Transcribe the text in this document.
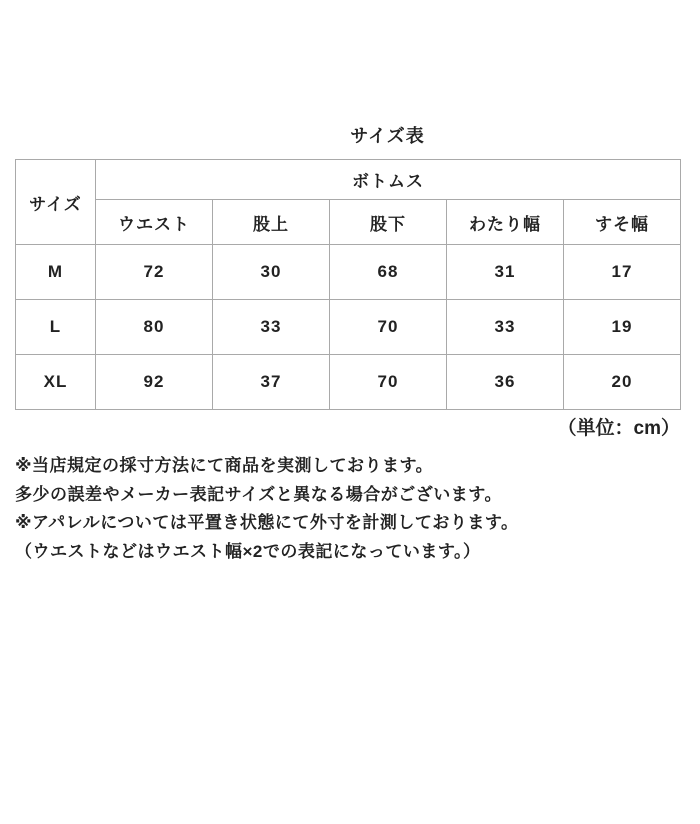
サイズ表
サイズ	ボトムス				
	ウエスト	股上	股下	わたり幅	すそ幅
M	72	30	68	31	17
L	80	33	70	33	19
XL	92	37	70	36	20
（単位：cm）
※当店規定の採寸方法にて商品を実測しております。
多少の誤差やメーカー表記サイズと異なる場合がございます。
※アパレルについては平置き状態にて外寸を計測しております。
（ウエストなどはウエスト幅×2での表記になっています。）
